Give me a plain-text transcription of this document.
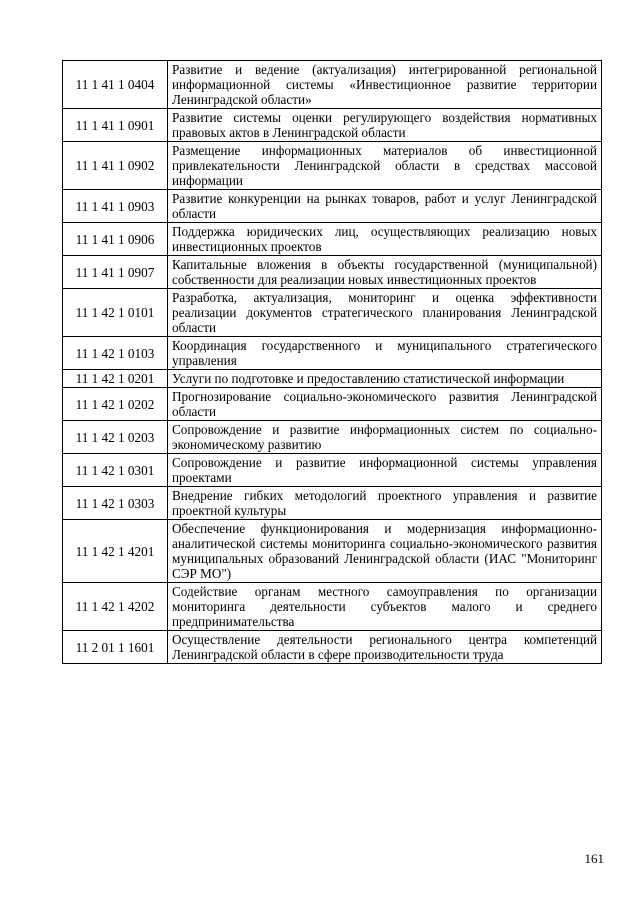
11 1 41 1 0404	Развитие и ведение (актуализация) интегрированной региональной информационной системы «Инвестиционное развитие территории Ленинградской области»
11 1 41 1 0901	Развитие системы оценки регулирующего воздействия нормативных правовых актов в Ленинградской области
11 1 41 1 0902	Размещение информационных материалов об инвестиционной привлекательности Ленинградской области в средствах массовой информации
11 1 41 1 0903	Развитие конкуренции на рынках товаров, работ и услуг Ленинградской области
11 1 41 1 0906	Поддержка юридических лиц, осуществляющих реализацию новых инвестиционных проектов
11 1 41 1 0907	Капитальные вложения в объекты государственной (муниципальной) собственности для реализации новых инвестиционных проектов
11 1 42 1 0101	Разработка, актуализация, мониторинг и оценка эффективности реализации документов стратегического планирования Ленинградской области
11 1 42 1 0103	Координация государственного и муниципального стратегического управления
11 1 42 1 0201	Услуги по подготовке и предоставлению статистической информации
11 1 42 1 0202	Прогнозирование социально-экономического развития Ленинградской области
11 1 42 1 0203	Сопровождение и развитие информационных систем по социально-экономическому развитию
11 1 42 1 0301	Сопровождение и развитие информационной системы управления проектами
11 1 42 1 0303	Внедрение гибких методологий проектного управления и развитие проектной культуры
11 1 42 1 4201	Обеспечение функционирования и модернизация информационно-аналитической системы мониторинга социально-экономического развития муниципальных образований Ленинградской области (ИАС "Мониторинг СЭР МО")
11 1 42 1 4202	Содействие органам местного самоуправления по организации мониторинга деятельности субъектов малого и среднего предпринимательства
11 2 01 1 1601	Осуществление деятельности регионального центра компетенций Ленинградской области в сфере производительности труда
161
